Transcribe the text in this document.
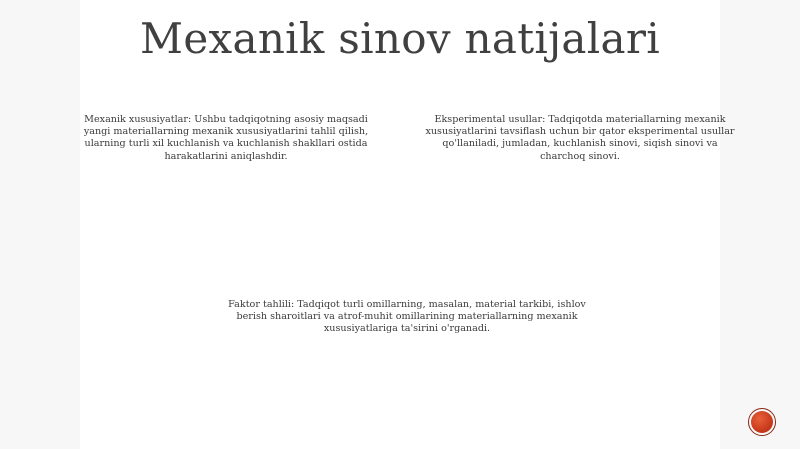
Mexanik sinov natijalari
Mexanik xususiyatlar: Ushbu tadqiqotning asosiy maqsadi yangi materiallarning mexanik xususiyatlarini tahlil qilish, ularning turli xil kuchlanish va kuchlanish shakllari ostida harakatlarini aniqlashdir.
Eksperimental usullar: Tadqiqotda materiallarning mexanik xususiyatlarini tavsiflash uchun bir qator eksperimental usullar qo'llaniladi, jumladan, kuchlanish sinovi, siqish sinovi va charchoq sinovi.
Faktor tahlili: Tadqiqot turli omillarning, masalan, material tarkibi, ishlov berish sharoitlari va atrof-muhit omillarining materiallarning mexanik xususiyatlariga ta'sirini o'rganadi.
